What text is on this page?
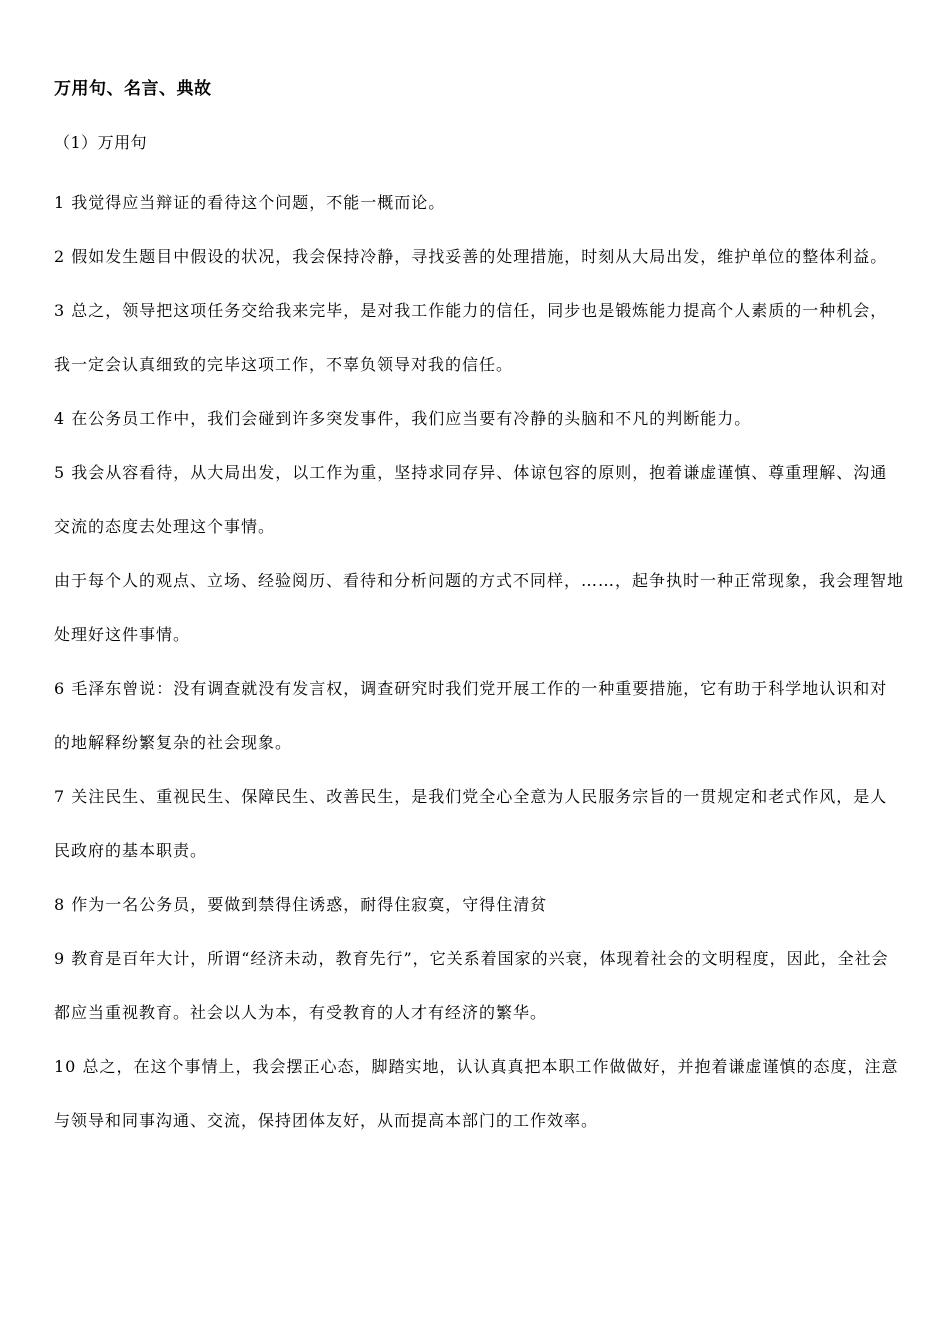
万用句、名言、典故
（1）万用句

1 我觉得应当辩证的看待这个问题，不能一概而论。

2 假如发生题目中假设的状况，我会保持冷静，寻找妥善的处理措施，时刻从大局出发，维护单位的整体利益。

3 总之，领导把这项任务交给我来完毕，是对我工作能力的信任，同步也是锻炼能力提高个人素质的一种机会，我一定会认真细致的完毕这项工作，不辜负领导对我的信任。

4 在公务员工作中，我们会碰到许多突发事件，我们应当要有冷静的头脑和不凡的判断能力。

5 我会从容看待，从大局出发，以工作为重，坚持求同存异、体谅包容的原则，抱着谦虚谨慎、尊重理解、沟通交流的态度去处理这个事情。

由于每个人的观点、立场、经验阅历、看待和分析问题的方式不同样，……，起争执时一种正常现象，我会理智地处理好这件事情。

6 毛泽东曾说：没有调查就没有发言权，调查研究时我们党开展工作的一种重要措施，它有助于科学地认识和对的地解释纷繁复杂的社会现象。

7 关注民生、重视民生、保障民生、改善民生，是我们党全心全意为人民服务宗旨的一贯规定和老式作风，是人民政府的基本职责。

8 作为一名公务员，要做到禁得住诱惑，耐得住寂寞，守得住清贫

9 教育是百年大计，所谓“经济未动，教育先行”，它关系着国家的兴衰，体现着社会的文明程度，因此，全社会都应当重视教育。社会以人为本，有受教育的人才有经济的繁华。

10 总之，在这个事情上，我会摆正心态，脚踏实地，认认真真把本职工作做做好，并抱着谦虚谨慎的态度，注意与领导和同事沟通、交流，保持团体友好，从而提高本部门的工作效率。
